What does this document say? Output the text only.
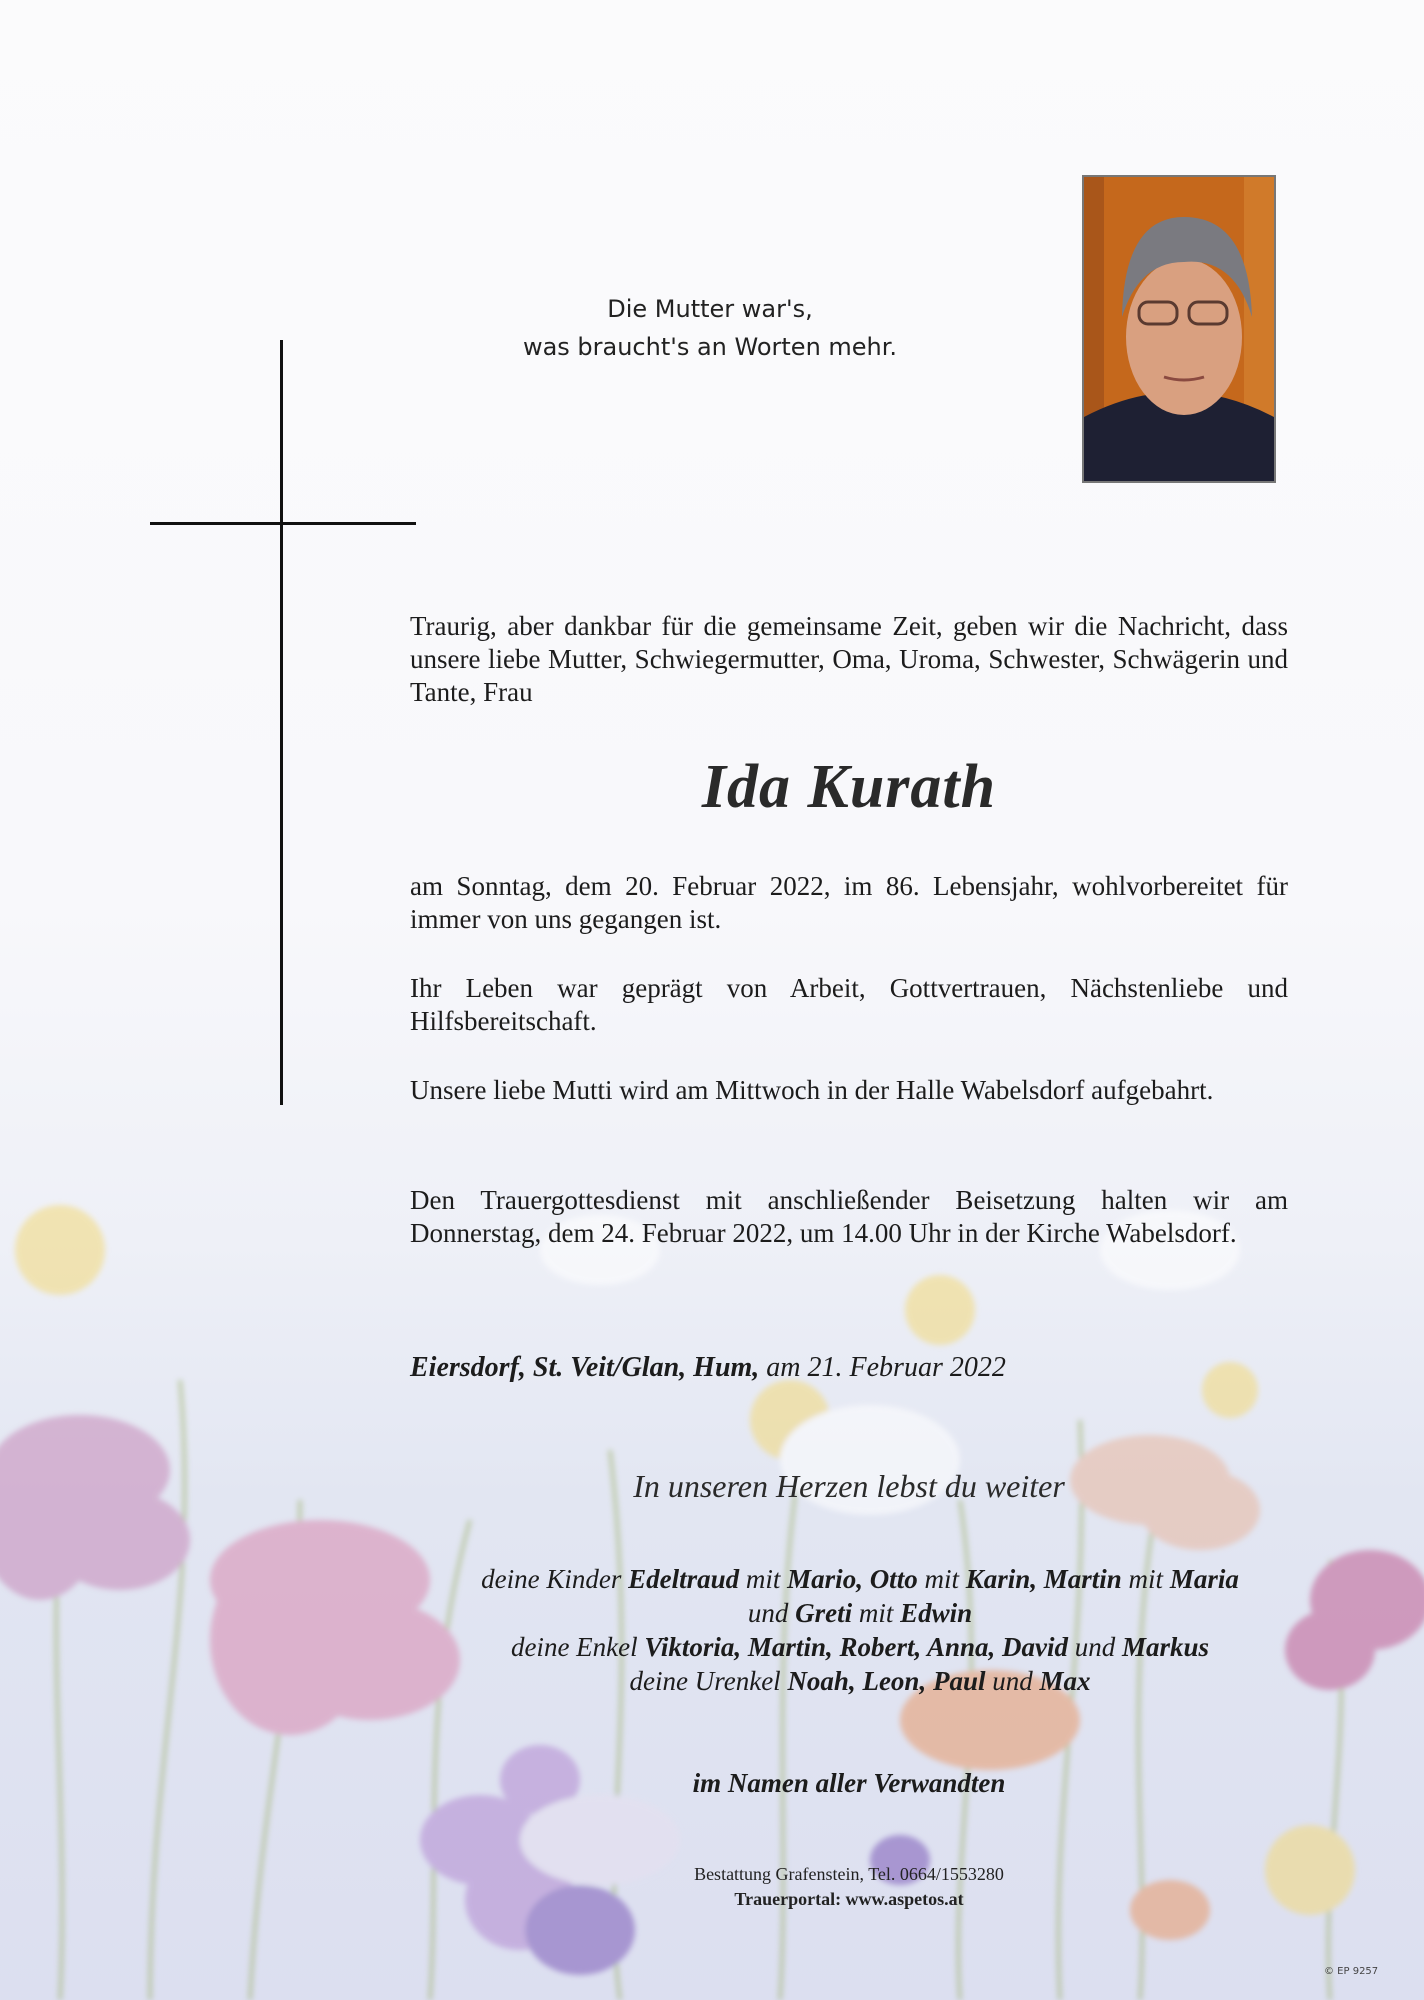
Die Mutter war's,
was braucht's an Worten mehr.
Traurig, aber dankbar für die gemeinsame Zeit, geben wir die Nachricht, dass unsere liebe Mutter, Schwiegermutter, Oma, Uroma, Schwester, Schwägerin und Tante, Frau
Ida Kurath
am Sonntag, dem 20. Februar 2022, im 86. Lebensjahr, wohlvorbereitet für immer von uns gegangen ist.
Ihr Leben war geprägt von Arbeit, Gottvertrauen, Nächstenliebe und Hilfsbereitschaft.
Unsere liebe Mutti wird am Mittwoch in der Halle Wabelsdorf aufgebahrt.
Den Trauergottesdienst mit anschließender Beisetzung halten wir am Donnerstag, dem 24. Februar 2022, um 14.00 Uhr in der Kirche Wabelsdorf.
Eiersdorf, St. Veit/Glan, Hum, am 21. Februar 2022
In unseren Herzen lebst du weiter
deine Kinder Edeltraud mit Mario, Otto mit Karin, Martin mit Maria
und Greti mit Edwin
deine Enkel Viktoria, Martin, Robert, Anna, David und Markus
deine Urenkel Noah, Leon, Paul und Max
im Namen aller Verwandten
Bestattung Grafenstein, Tel. 0664/1553280
Trauerportal: www.aspetos.at
© EP 9257
